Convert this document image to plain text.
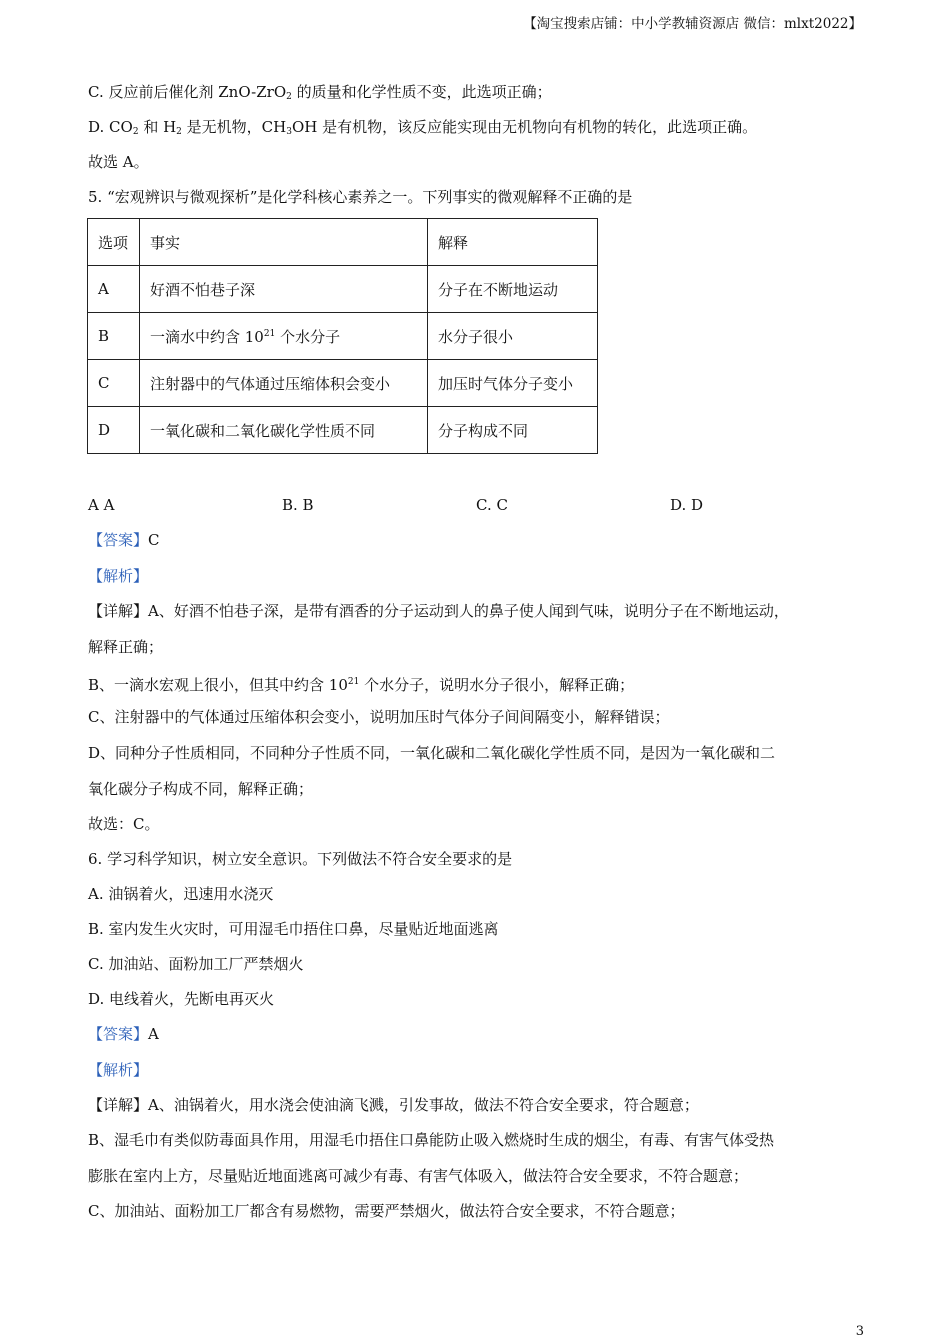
【淘宝搜索店铺：中小学教辅资源店 微信：mlxt2022】
C. 反应前后催化剂 ZnO-ZrO$_2$ 的质量和化学性质不变，此选项正确；
D. $CO_2$ 和 $H_2$ 是无机物，$CH_3OH$ 是有机物，该反应能实现由无机物向有机物的转化，此选项正确。
故选 A。
5. “宏观辨识与微观探析”是化学科核心素养之一。下列事实的微观解释不正确的是
选项	事实	解释
A	好酒不怕巷子深	分子在不断地运动
B	一滴水中约含 $10^{21}$ 个水分子	水分子很小
C	注射器中的气体通过压缩体积会变小	加压时气体分子变小
D	一氧化碳和二氧化碳化学性质不同	分子构成不同
A A	B. B	C. C	D. D
【答案】C
【解析】
【详解】A、好酒不怕巷子深，是带有酒香的分子运动到人的鼻子使人闻到气味，说明分子在不断地运动，
解释正确；
B、一滴水宏观上很小，但其中约含 $10^{21}$ 个水分子，说明水分子很小，解释正确；
C、注射器中的气体通过压缩体积会变小，说明加压时气体分子间间隔变小，解释错误；
D、同种分子性质相同，不同种分子性质不同，一氧化碳和二氧化碳化学性质不同，是因为一氧化碳和二
氧化碳分子构成不同，解释正确；
故选：C。
6. 学习科学知识，树立安全意识。下列做法不符合安全要求的是
A. 油锅着火，迅速用水浇灭
B. 室内发生火灾时，可用湿毛巾捂住口鼻，尽量贴近地面逃离
C. 加油站、面粉加工厂严禁烟火
D. 电线着火，先断电再灭火
【答案】A
【解析】
【详解】A、油锅着火，用水浇会使油滴飞溅，引发事故，做法不符合安全要求，符合题意；
B、湿毛巾有类似防毒面具作用，用湿毛巾捂住口鼻能防止吸入燃烧时生成的烟尘，有毒、有害气体受热
膨胀在室内上方，尽量贴近地面逃离可减少有毒、有害气体吸入，做法符合安全要求，不符合题意；
C、加油站、面粉加工厂都含有易燃物，需要严禁烟火，做法符合安全要求，不符合题意；
3
